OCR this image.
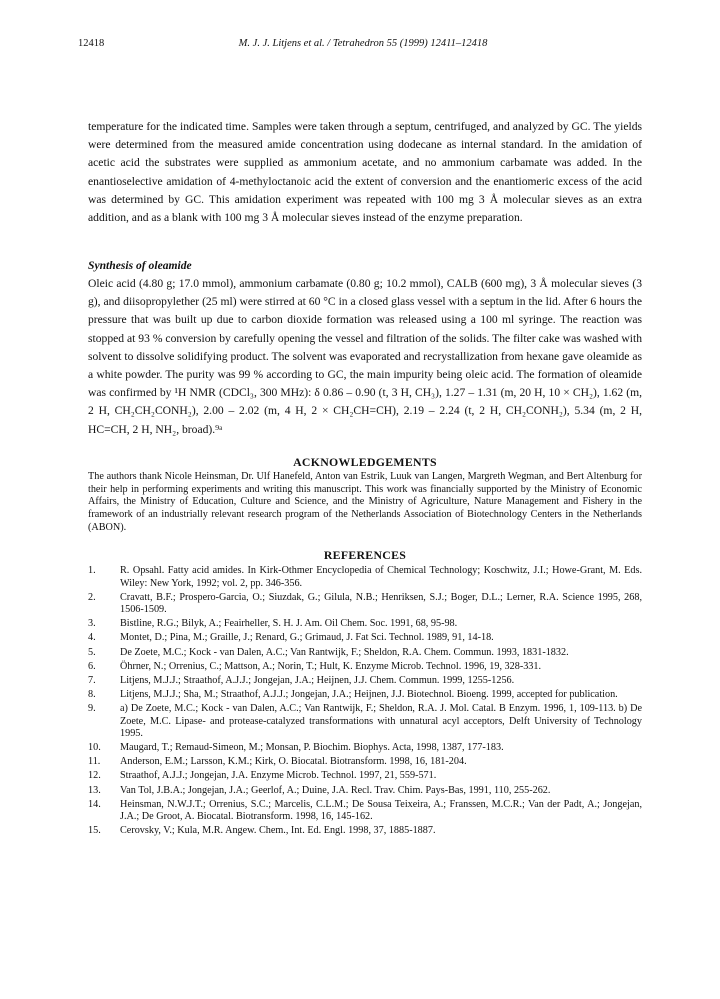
12418	M. J. J. Litjens et al. / Tetrahedron 55 (1999) 12411–12418

temperature for the indicated time. Samples were taken through a septum, centrifuged, and analyzed by GC. The yields were determined from the measured amide concentration using dodecane as internal standard. In the amidation of acetic acid the substrates were supplied as ammonium acetate, and no ammonium carbamate was added. In the enantioselective amidation of 4-methyloctanoic acid the extent of conversion and the enantiomeric excess of the acid was determined by GC. This amidation experiment was repeated with 100 mg 3 Å molecular sieves as an extra addition, and as a blank with 100 mg 3 Å molecular sieves instead of the enzyme preparation.

Synthesis of oleamide

Oleic acid (4.80 g; 17.0 mmol), ammonium carbamate (0.80 g; 10.2 mmol), CALB (600 mg), 3 Å molecular sieves (3 g), and diisopropylether (25 ml) were stirred at 60 °C in a closed glass vessel with a septum in the lid. After 6 hours the pressure that was built up due to carbon dioxide formation was released using a 100 ml syringe. The reaction was stopped at 93 % conversion by carefully opening the vessel and filtration of the solids. The filter cake was washed with solvent to dissolve solidifying product. The solvent was evaporated and recrystallization from hexane gave oleamide as a white powder. The purity was 99 % according to GC, the main impurity being oleic acid. The formation of oleamide was confirmed by ¹H NMR (CDCl₃, 300 MHz): δ 0.86 – 0.90 (t, 3 H, CH₃), 1.27 – 1.31 (m, 20 H, 10 × CH₂), 1.62 (m, 2 H, CH₂CH₂CONH₂), 2.00 – 2.02 (m, 4 H, 2 × CH₂CH=CH), 2.19 – 2.24 (t, 2 H, CH₂CONH₂), 5.34 (m, 2 H, HC=CH, 2 H, NH₂, broad).⁹ᵃ

ACKNOWLEDGEMENTS

The authors thank Nicole Heinsman, Dr. Ulf Hanefeld, Anton van Estrik, Luuk van Langen, Margreth Wegman, and Bert Altenburg for their help in performing experiments and writing this manuscript. This work was financially supported by the Ministry of Economic Affairs, the Ministry of Education, Culture and Science, and the Ministry of Agriculture, Nature Management and Fishery in the framework of an industrially relevant research program of the Netherlands Association of Biotechnology Centers in the Netherlands (ABON).

REFERENCES

1. R. Opsahl. Fatty acid amides. In Kirk-Othmer Encyclopedia of Chemical Technology; Koschwitz, J.I.; Howe-Grant, M. Eds. Wiley: New York, 1992; vol. 2, pp. 346-356.
2. Cravatt, B.F.; Prospero-Garcia, O.; Siuzdak, G.; Gilula, N.B.; Henriksen, S.J.; Boger, D.L.; Lerner, R.A. Science 1995, 268, 1506-1509.
3. Bistline, R.G.; Bilyk, A.; Feairheller, S. H. J. Am. Oil Chem. Soc. 1991, 68, 95-98.
4. Montet, D.; Pina, M.; Graille, J.; Renard, G.; Grimaud, J. Fat Sci. Technol. 1989, 91, 14-18.
5. De Zoete, M.C.; Kock - van Dalen, A.C.; Van Rantwijk, F.; Sheldon, R.A. Chem. Commun. 1993, 1831-1832.
6. Öhrner, N.; Orrenius, C.; Mattson, A.; Norin, T.; Hult, K. Enzyme Microb. Technol. 1996, 19, 328-331.
7. Litjens, M.J.J.; Straathof, A.J.J.; Jongejan, J.A.; Heijnen, J.J. Chem. Commun. 1999, 1255-1256.
8. Litjens, M.J.J.; Sha, M.; Straathof, A.J.J.; Jongejan, J.A.; Heijnen, J.J. Biotechnol. Bioeng. 1999, accepted for publication.
9. a) De Zoete, M.C.; Kock - van Dalen, A.C.; Van Rantwijk, F.; Sheldon, R.A. J. Mol. Catal. B Enzym. 1996, 1, 109-113. b) De Zoete, M.C. Lipase- and protease-catalyzed transformations with unnatural acyl acceptors, Delft University of Technology 1995.
10. Maugard, T.; Remaud-Simeon, M.; Monsan, P. Biochim. Biophys. Acta, 1998, 1387, 177-183.
11. Anderson, E.M.; Larsson, K.M.; Kirk, O. Biocatal. Biotransform. 1998, 16, 181-204.
12. Straathof, A.J.J.; Jongejan, J.A. Enzyme Microb. Technol. 1997, 21, 559-571.
13. Van Tol, J.B.A.; Jongejan, J.A.; Geerlof, A.; Duine, J.A. Recl. Trav. Chim. Pays-Bas, 1991, 110, 255-262.
14. Heinsman, N.W.J.T.; Orrenius, S.C.; Marcelis, C.L.M.; De Sousa Teixeira, A.; Franssen, M.C.R.; Van der Padt, A.; Jongejan, J.A.; De Groot, A. Biocatal. Biotransform. 1998, 16, 145-162.
15. Cerovsky, V.; Kula, M.R. Angew. Chem., Int. Ed. Engl. 1998, 37, 1885-1887.
